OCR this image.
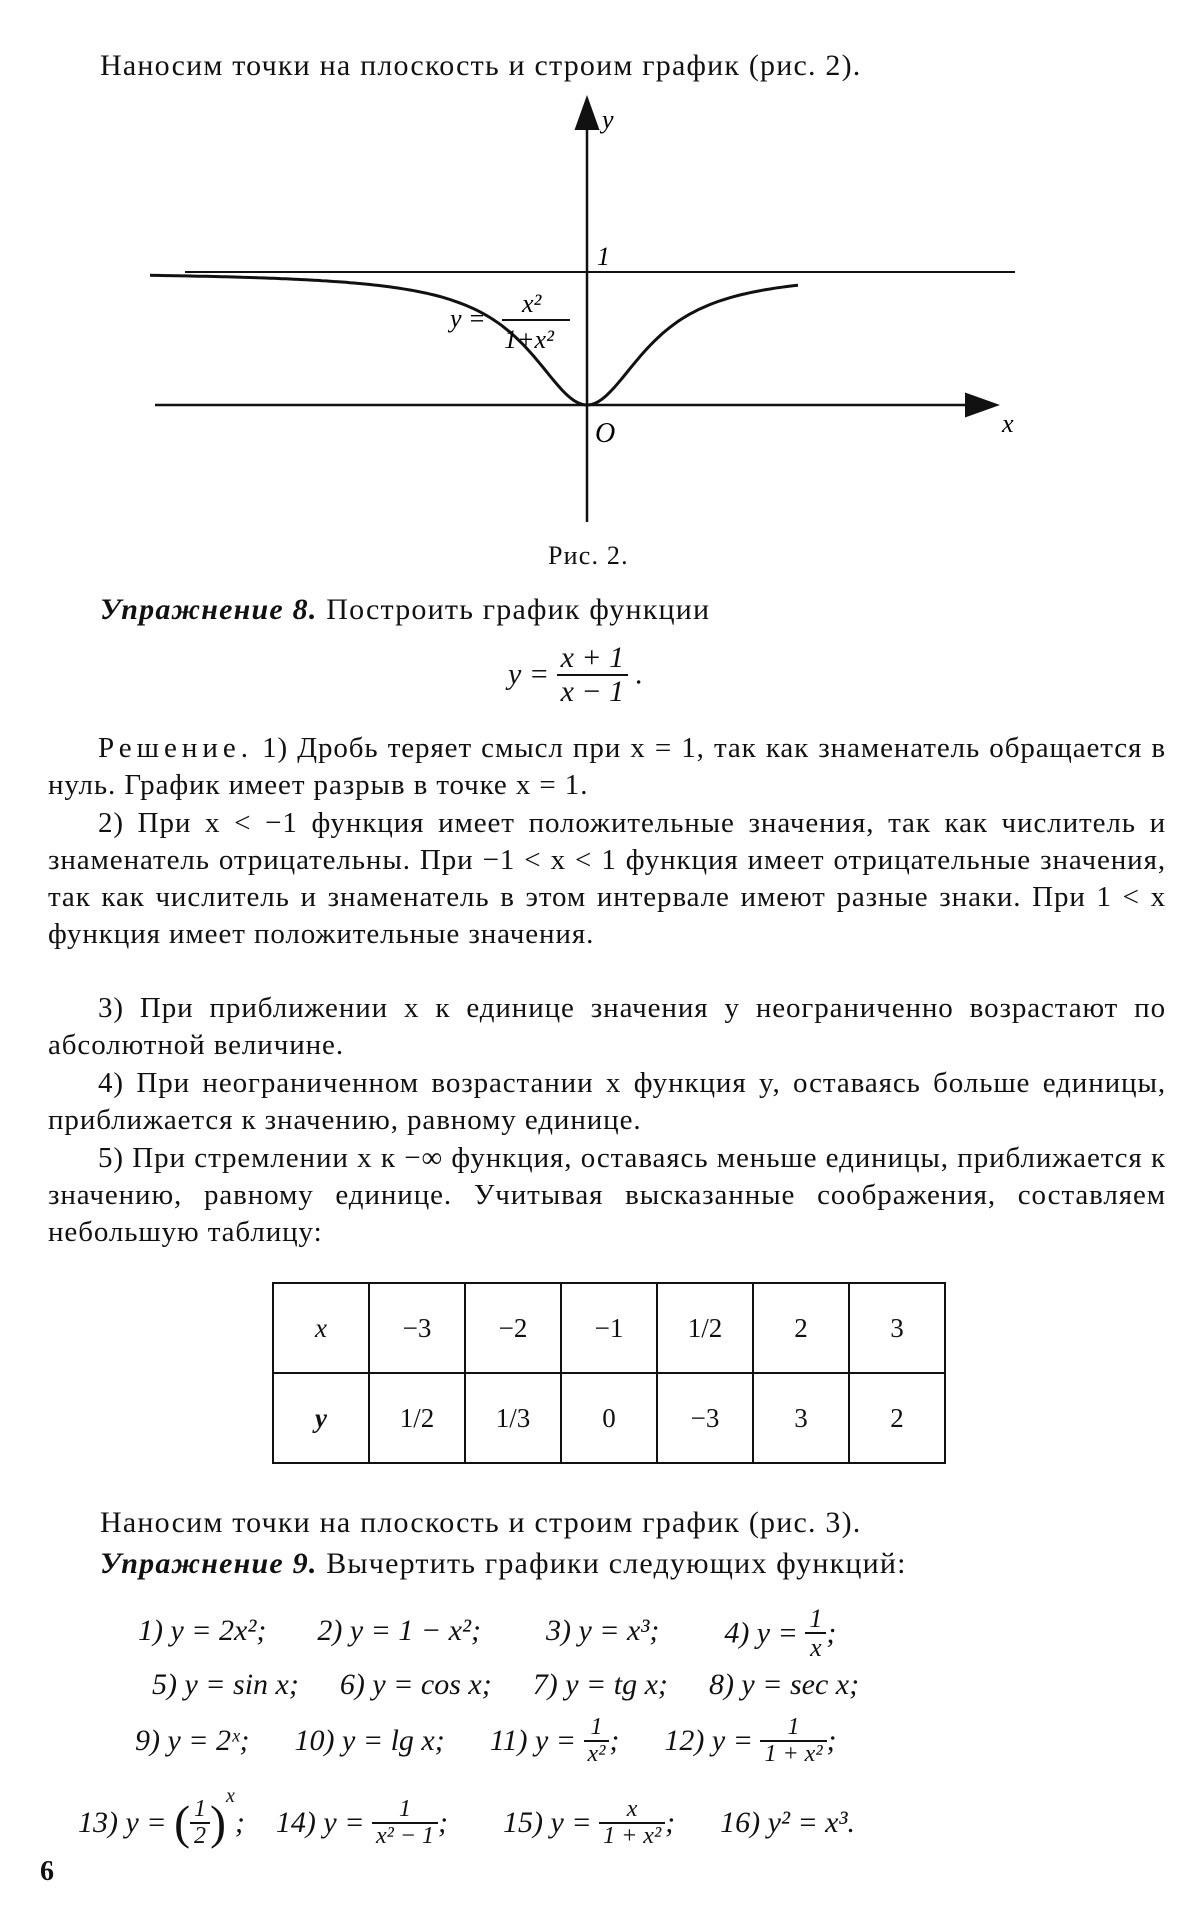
Наносим точки на плоскость и строим график (рис. 2).
y
x
1
O
y =
x²
1+x²
Рис. 2.
Упражнение 8. Построить график функции
$y = \frac{x + 1}{x - 1}$ .
Решение. 1) Дробь теряет смысл при x = 1, так как знаменатель обращается в нуль. График имеет разрыв в точке x = 1.
2) При x < −1 функция имеет положительные значения, так как числитель и знаменатель отрицательны. При −1 < x < 1 функция имеет отрицательные значения, так как числитель и знаменатель в этом интервале имеют разные знаки. При 1 < x функция имеет положительные значения.
3) При приближении x к единице значения y неограниченно возрастают по абсолютной величине.
4) При неограниченном возрастании x функция y, оставаясь больше единицы, приближается к значению, равному единице.
5) При стремлении x к −∞ функция, оставаясь меньше единицы, приближается к значению, равному единице. Учитывая высказанные соображения, составляем небольшую таблицу:
x	−3	−2	−1	1/2	2	3
y	1/2	1/3	0	−3	3	2
Наносим точки на плоскость и строим график (рис. 3).
Упражнение 9. Вычертить графики следующих функций:
1) y = 2x²; 2) y = 1 − x²; 3) y = x³; 4) $y = \frac{1}{x}$ ;
5) y = sin x; 6) y = cos x; 7) y = tg x; 8) y = sec x;
9) y = 2ˣ; 10) y = lg x; 11) $y = \frac{1}{\text{x²}}$ ; 12) $y = \frac{1}{\text{1 + x²}}$ ;
13) y = ( $\frac{1}{2} )^x$; 14) $y = \frac{1}{\text{x² − 1}}$ ; 15) $y = \frac{x}{\text{1 + x²}}$ ; 16) y² = x³.
6
